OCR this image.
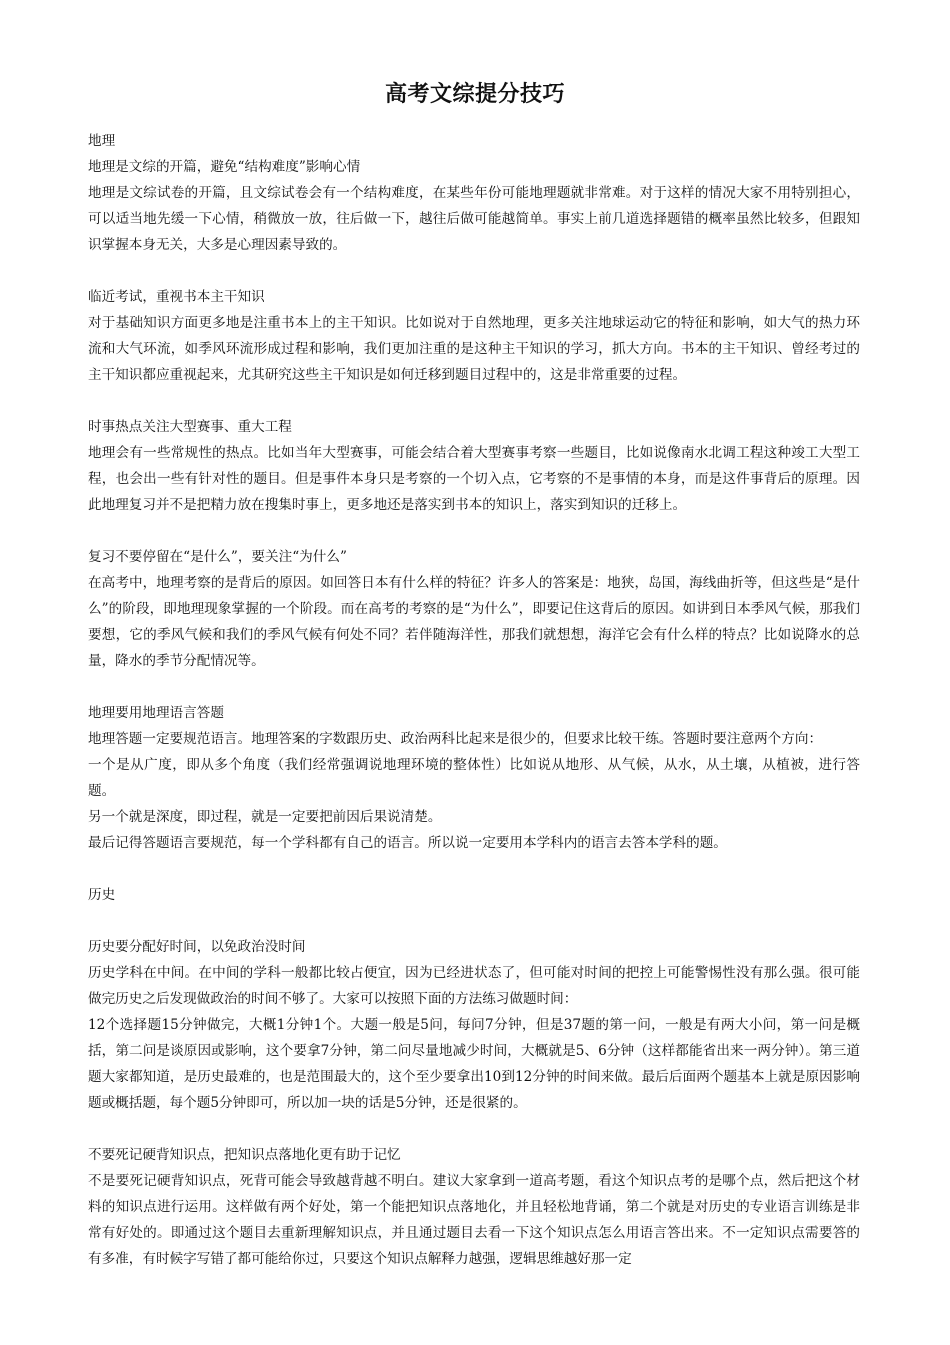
高考文综提分技巧

地理

地理是文综的开篇，避免“结构难度”影响心情

地理是文综试卷的开篇，且文综试卷会有一个结构难度，在某些年份可能地理题就非常难。对于这样的情况大家不用特别担心，可以适当地先缓一下心情，稍微放一放，往后做一下，越往后做可能越简单。事实上前几道选择题错的概率虽然比较多，但跟知识掌握本身无关，大多是心理因素导致的。

临近考试，重视书本主干知识

对于基础知识方面更多地是注重书本上的主干知识。比如说对于自然地理，更多关注地球运动它的特征和影响，如大气的热力环流和大气环流，如季风环流形成过程和影响，我们更加注重的是这种主干知识的学习，抓大方向。书本的主干知识、曾经考过的主干知识都应重视起来，尤其研究这些主干知识是如何迁移到题目过程中的，这是非常重要的过程。

时事热点关注大型赛事、重大工程

地理会有一些常规性的热点。比如当年大型赛事，可能会结合着大型赛事考察一些题目，比如说像南水北调工程这种竣工大型工程，也会出一些有针对性的题目。但是事件本身只是考察的一个切入点，它考察的不是事情的本身，而是这件事背后的原理。因此地理复习并不是把精力放在搜集时事上，更多地还是落实到书本的知识上，落实到知识的迁移上。

复习不要停留在“是什么”，要关注“为什么”

在高考中，地理考察的是背后的原因。如回答日本有什么样的特征？许多人的答案是：地狭，岛国，海线曲折等，但这些是“是什么”的阶段，即地理现象掌握的一个阶段。而在高考的考察的是“为什么”，即要记住这背后的原因。如讲到日本季风气候，那我们要想，它的季风气候和我们的季风气候有何处不同？若伴随海洋性，那我们就想想，海洋它会有什么样的特点？比如说降水的总量，降水的季节分配情况等。

地理要用地理语言答题

地理答题一定要规范语言。地理答案的字数跟历史、政治两科比起来是很少的，但要求比较干练。答题时要注意两个方向：

一个是从广度，即从多个角度（我们经常强调说地理环境的整体性）比如说从地形、从气候，从水，从土壤，从植被，进行答题。

另一个就是深度，即过程，就是一定要把前因后果说清楚。

最后记得答题语言要规范，每一个学科都有自己的语言。所以说一定要用本学科内的语言去答本学科的题。

历史

历史要分配好时间，以免政治没时间

历史学科在中间。在中间的学科一般都比较占便宜，因为已经进状态了，但可能对时间的把控上可能警惕性没有那么强。很可能做完历史之后发现做政治的时间不够了。大家可以按照下面的方法练习做题时间：

12个选择题15分钟做完，大概1分钟1个。大题一般是5问，每问7分钟，但是37题的第一问，一般是有两大小问，第一问是概括，第二问是谈原因或影响，这个要拿7分钟，第二问尽量地减少时间，大概就是5、6分钟（这样都能省出来一两分钟）。第三道题大家都知道，是历史最难的，也是范围最大的，这个至少要拿出10到12分钟的时间来做。最后后面两个题基本上就是原因影响题或概括题，每个题5分钟即可，所以加一块的话是5分钟，还是很紧的。

不要死记硬背知识点，把知识点落地化更有助于记忆

不是要死记硬背知识点，死背可能会导致越背越不明白。建议大家拿到一道高考题，看这个知识点考的是哪个点，然后把这个材料的知识点进行运用。这样做有两个好处，第一个能把知识点落地化，并且轻松地背诵，第二个就是对历史的专业语言训练是非常有好处的。即通过这个题目去重新理解知识点，并且通过题目去看一下这个知识点怎么用语言答出来。不一定知识点需要答的有多准，有时候字写错了都可能给你过，只要这个知识点解释力越强，逻辑思维越好那一定
